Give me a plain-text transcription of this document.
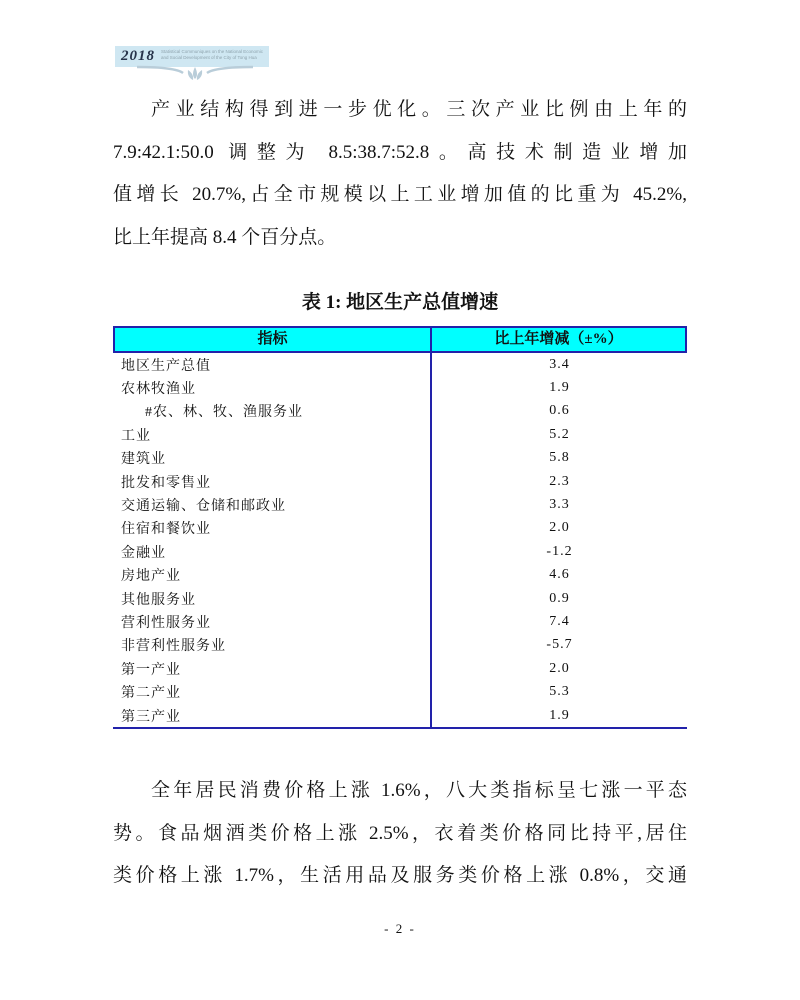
2018	Statistical Communiques on the National Economic
and Social Development of the City of Tong Hua
产业结构得到进一步优化。三次产业比例由上年的
7.9:42.1:50.0 调整为 8.5:38.7:52.8。高技术制造业增加
值增长 20.7%,占全市规模以上工业增加值的比重为 45.2%,
比上年提高 8.4 个百分点。
表 1: 地区生产总值增速
指标	比上年增减（±%）
地区生产总值	3.4
农林牧渔业	1.9
#农、林、牧、渔服务业	0.6
工业	5.2
建筑业	5.8
批发和零售业	2.3
交通运输、仓储和邮政业	3.3
住宿和餐饮业	2.0
金融业	-1.2
房地产业	4.6
其他服务业	0.9
营利性服务业	7.4
非营利性服务业	-5.7
第一产业	2.0
第二产业	5.3
第三产业	1.9
全年居民消费价格上涨 1.6%，八大类指标呈七涨一平态
势。食品烟酒类价格上涨 2.5%，衣着类价格同比持平,居住
类价格上涨 1.7%，生活用品及服务类价格上涨 0.8%，交通
- 2 -
